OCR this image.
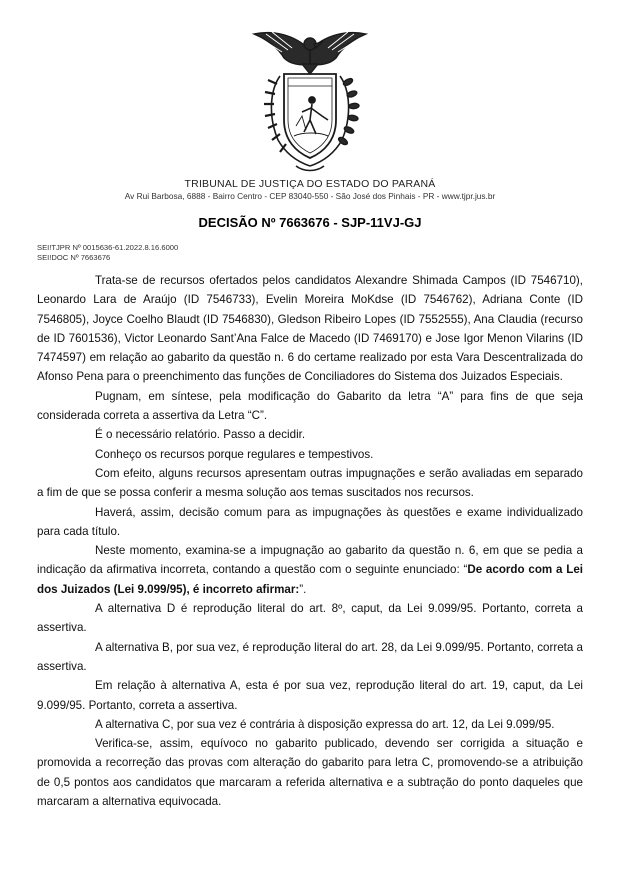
TRIBUNAL DE JUSTIÇA DO ESTADO DO PARANÁ
Av Rui Barbosa, 6888 - Bairro Centro - CEP 83040-550 - São José dos Pinhais - PR - www.tjpr.jus.br
DECISÃO Nº 7663676 - SJP-11VJ-GJ
SEI!TJPR Nº 0015636-61.2022.8.16.6000
SEI!DOC Nº 7663676

Trata-se de recursos ofertados pelos candidatos Alexandre Shimada Campos (ID 7546710), Leonardo Lara de Araújo (ID 7546733), Evelin Moreira MoKdse (ID 7546762), Adriana Conte (ID 7546805), Joyce Coelho Blaudt (ID 7546830), Gledson Ribeiro Lopes (ID 7552555), Ana Claudia (recurso de ID 7601536), Victor Leonardo Sant’Ana Falce de Macedo (ID 7469170) e Jose Igor Menon Vilarins (ID 7474597) em relação ao gabarito da questão n. 6 do certame realizado por esta Vara Descentralizada do Afonso Pena para o preenchimento das funções de Conciliadores do Sistema dos Juizados Especiais.

Pugnam, em síntese, pela modificação do Gabarito da letra “A” para fins de que seja considerada correta a assertiva da Letra “C”.

É o necessário relatório. Passo a decidir.

Conheço os recursos porque regulares e tempestivos.

Com efeito, alguns recursos apresentam outras impugnações e serão avaliadas em separado a fim de que se possa conferir a mesma solução aos temas suscitados nos recursos.

Haverá, assim, decisão comum para as impugnações às questões e exame individualizado para cada título.

Neste momento, examina-se a impugnação ao gabarito da questão n. 6, em que se pedia a indicação da afirmativa incorreta, contando a questão com o seguinte enunciado: “De acordo com a Lei dos Juizados (Lei 9.099/95), é incorreto afirmar:”.

A alternativa D é reprodução literal do art. 8º, caput, da Lei 9.099/95. Portanto, correta a assertiva.

A alternativa B, por sua vez, é reprodução literal do art. 28, da Lei 9.099/95. Portanto, correta a assertiva.

Em relação à alternativa A, esta é por sua vez, reprodução literal do art. 19, caput, da Lei 9.099/95. Portanto, correta a assertiva.

A alternativa C, por sua vez é contrária à disposição expressa do art. 12, da Lei 9.099/95.

Verifica-se, assim, equívoco no gabarito publicado, devendo ser corrigida a situação e promovida a recorreção das provas com alteração do gabarito para letra C, promovendo-se a atribuição de 0,5 pontos aos candidatos que marcaram a referida alternativa e a subtração do ponto daqueles que marcaram a alternativa equivocada.
